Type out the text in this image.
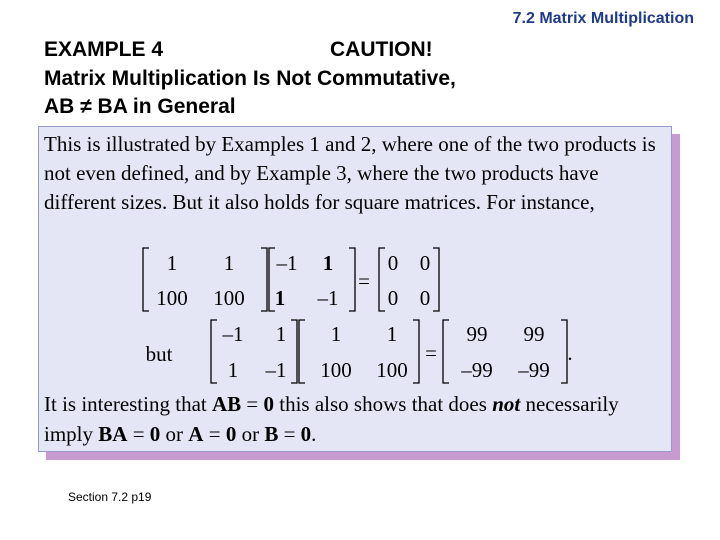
7.2 Matrix Multiplication
EXAMPLE 4	CAUTION!
Matrix Multiplication Is Not Commutative,
AB ≠ BA in General
This is illustrated by Examples 1 and 2, where one of the two products is not even defined, and by Example 3, where the two products have different sizes. But it also holds for square matrices. For instance,
1 1
100 100
–1 1
1 –1
=
0 0
0 0
but
–1 1
1 –1
1 1
100 100
=
99 99
–99 –99
.
It is interesting that AB = 0 this also shows that does not necessarily imply BA = 0 or A = 0 or B = 0.
Section 7.2 p19
